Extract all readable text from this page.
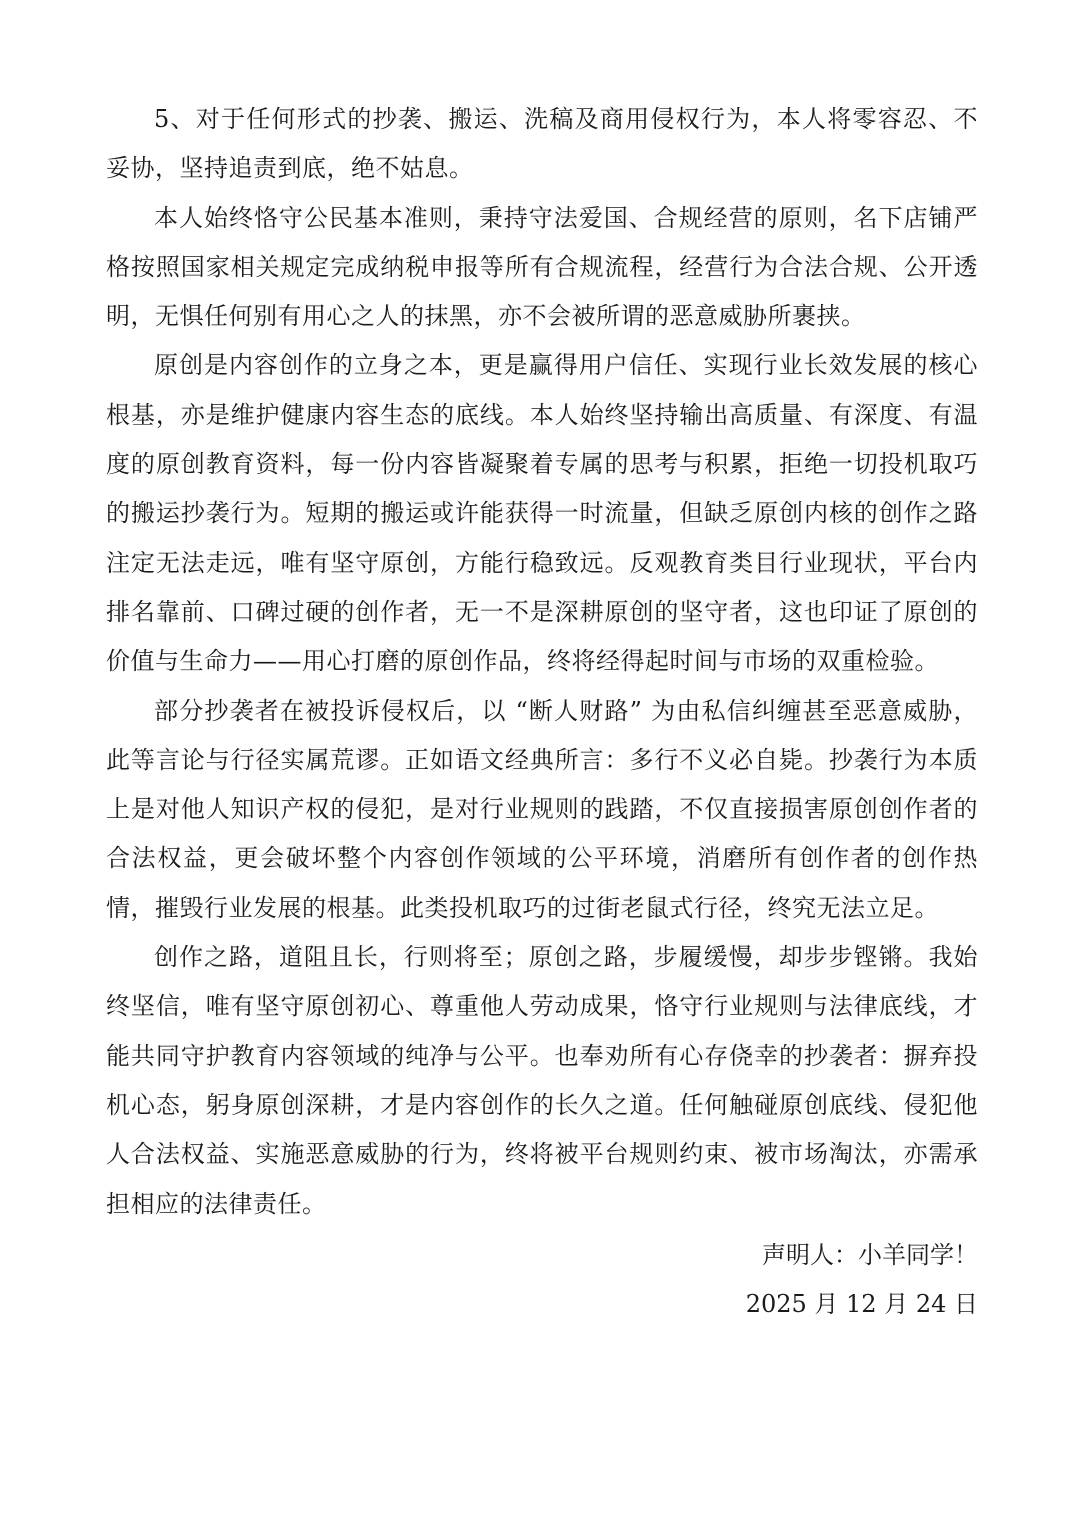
5、对于任何形式的抄袭、搬运、洗稿及商用侵权行为，本人将零容忍、不妥协，坚持追责到底，绝不姑息。

本人始终恪守公民基本准则，秉持守法爱国、合规经营的原则，名下店铺严格按照国家相关规定完成纳税申报等所有合规流程，经营行为合法合规、公开透明，无惧任何别有用心之人的抹黑，亦不会被所谓的恶意威胁所裹挟。

原创是内容创作的立身之本，更是赢得用户信任、实现行业长效发展的核心根基，亦是维护健康内容生态的底线。本人始终坚持输出高质量、有深度、有温度的原创教育资料，每一份内容皆凝聚着专属的思考与积累，拒绝一切投机取巧的搬运抄袭行为。短期的搬运或许能获得一时流量，但缺乏原创内核的创作之路注定无法走远，唯有坚守原创，方能行稳致远。反观教育类目行业现状，平台内排名靠前、口碑过硬的创作者，无一不是深耕原创的坚守者，这也印证了原创的价值与生命力——用心打磨的原创作品，终将经得起时间与市场的双重检验。

部分抄袭者在被投诉侵权后，以 “断人财路” 为由私信纠缠甚至恶意威胁，此等言论与行径实属荒谬。正如语文经典所言：多行不义必自毙。抄袭行为本质上是对他人知识产权的侵犯，是对行业规则的践踏，不仅直接损害原创创作者的合法权益，更会破坏整个内容创作领域的公平环境，消磨所有创作者的创作热情，摧毁行业发展的根基。此类投机取巧的过街老鼠式行径，终究无法立足。

创作之路，道阻且长，行则将至；原创之路，步履缓慢，却步步铿锵。我始终坚信，唯有坚守原创初心、尊重他人劳动成果，恪守行业规则与法律底线，才能共同守护教育内容领域的纯净与公平。也奉劝所有心存侥幸的抄袭者：摒弃投机心态，躬身原创深耕，才是内容创作的长久之道。任何触碰原创底线、侵犯他人合法权益、实施恶意威胁的行为，终将被平台规则约束、被市场淘汰，亦需承担相应的法律责任。

声明人：小羊同学！

2025 月 12 月 24 日
